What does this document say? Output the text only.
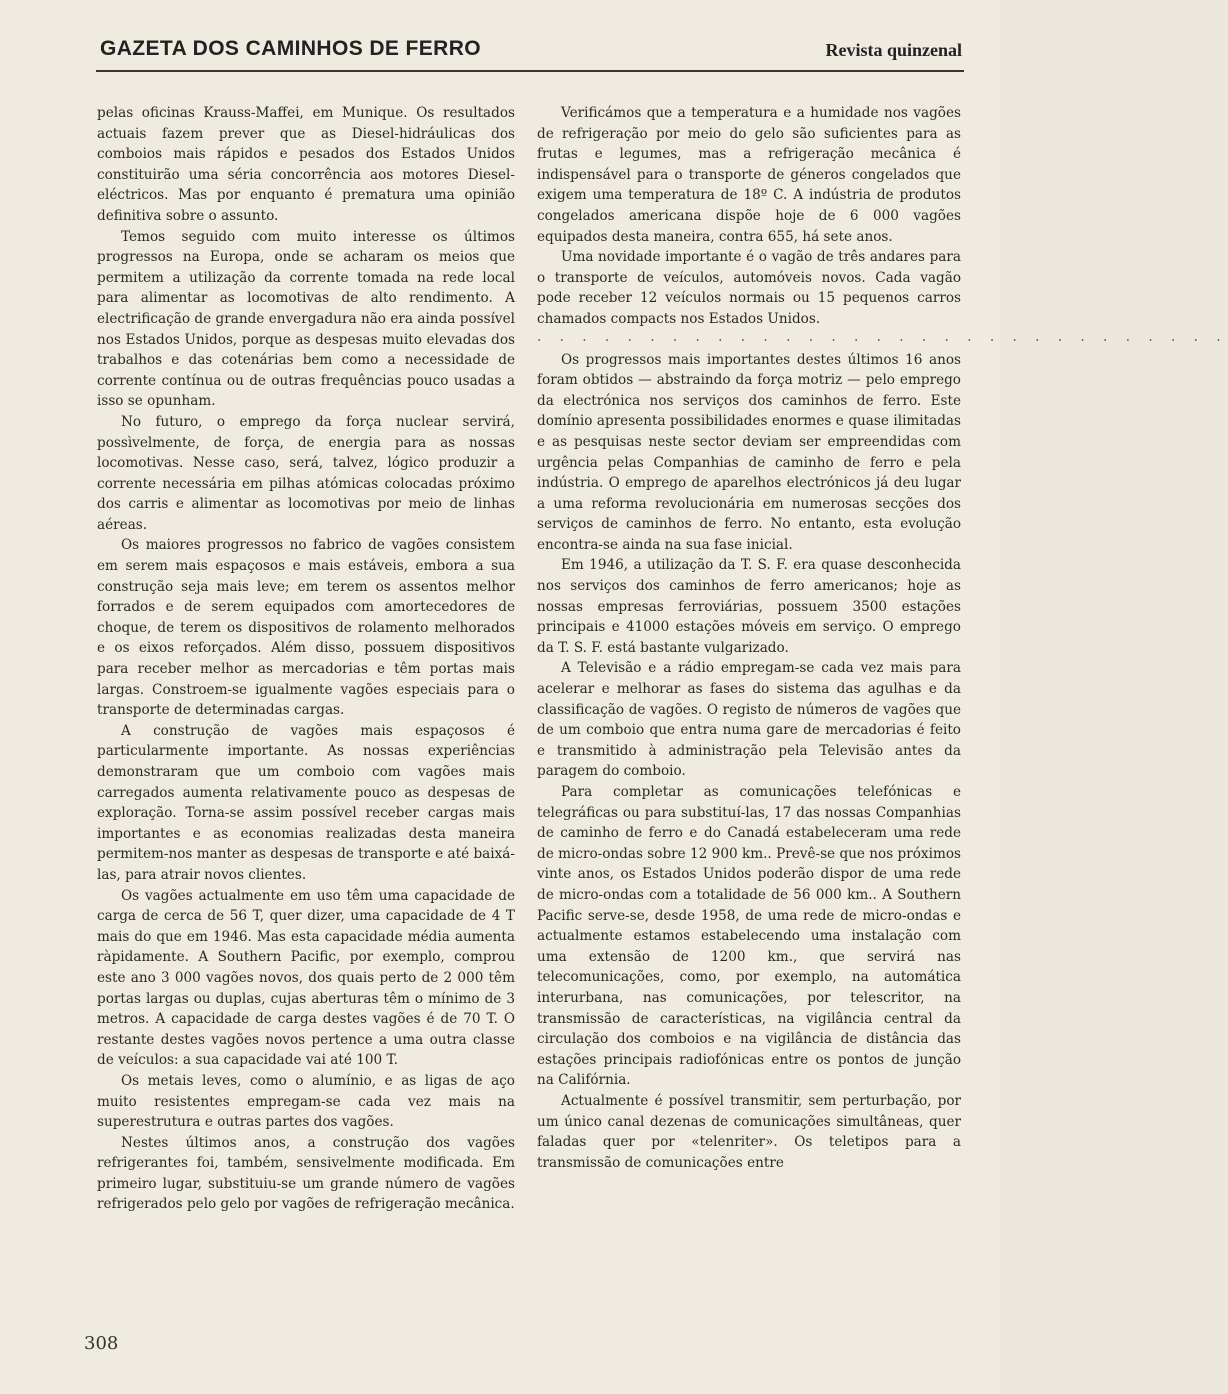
GAZETA DOS CAMINHOS DE FERRO	Revista quinzenal

pelas oficinas Krauss-Maffei, em Munique. Os resultados actuais fazem prever que as Diesel-hidráulicas dos comboios mais rápidos e pesados dos Estados Unidos constituirão uma séria concorrência aos motores Diesel-eléctricos. Mas por enquanto é prematura uma opinião definitiva sobre o assunto.

Temos seguido com muito interesse os últimos progressos na Europa, onde se acharam os meios que permitem a utilização da corrente tomada na rede local para alimentar as locomotivas de alto rendimento. A electrificação de grande envergadura não era ainda possível nos Estados Unidos, porque as despesas muito elevadas dos trabalhos e das cotenárias bem como a necessidade de corrente contínua ou de outras frequências pouco usadas a isso se opunham.

No futuro, o emprego da força nuclear servirá, possìvelmente, de força, de energia para as nossas locomotivas. Nesse caso, será, talvez, lógico produzir a corrente necessária em pilhas atómicas colocadas próximo dos carris e alimentar as locomotivas por meio de linhas aéreas.

Os maiores progressos no fabrico de vagões consistem em serem mais espaçosos e mais estáveis, embora a sua construção seja mais leve; em terem os assentos melhor forrados e de serem equipados com amortecedores de choque, de terem os dispositivos de rolamento melhorados e os eixos reforçados. Além disso, possuem dispositivos para receber melhor as mercadorias e têm portas mais largas. Constroem-se igualmente vagões especiais para o transporte de determinadas cargas.

A construção de vagões mais espaçosos é particularmente importante. As nossas experiências demonstraram que um comboio com vagões mais carregados aumenta relativamente pouco as despesas de exploração. Torna-se assim possível receber cargas mais importantes e as economias realizadas desta maneira permitem-nos manter as despesas de transporte e até baixá-las, para atrair novos clientes.

Os vagões actualmente em uso têm uma capacidade de carga de cerca de 56 T, quer dizer, uma capacidade de 4 T mais do que em 1946. Mas esta capacidade média aumenta ràpidamente. A Southern Pacific, por exemplo, comprou este ano 3 000 vagões novos, dos quais perto de 2 000 têm portas largas ou duplas, cujas aberturas têm o mínimo de 3 metros. A capacidade de carga destes vagões é de 70 T. O restante destes vagões novos pertence a uma outra classe de veículos: a sua capacidade vai até 100 T.

Os metais leves, como o alumínio, e as ligas de aço muito resistentes empregam-se cada vez mais na superestrutura e outras partes dos vagões.

Nestes últimos anos, a construção dos vagões refrigerantes foi, também, sensivelmente modificada. Em primeiro lugar, substituiu-se um grande número de vagões refrigerados pelo gelo por vagões de refrigeração mecânica.

Verificámos que a temperatura e a humidade nos vagões de refrigeração por meio do gelo são suficientes para as frutas e legumes, mas a refrigeração mecânica é indispensável para o transporte de géneros congelados que exigem uma temperatura de 18º C. A indústria de produtos congelados americana dispõe hoje de 6 000 vagões equipados desta maneira, contra 655, há sete anos.

Uma novidade importante é o vagão de três andares para o transporte de veículos, automóveis novos. Cada vagão pode receber 12 veículos normais ou 15 pequenos carros chamados compacts nos Estados Unidos.

. . . . . . . . . . . . . . . . . . . . . . . . . . . . . . .

Os progressos mais importantes destes últimos 16 anos foram obtidos — abstraindo da força motriz — pelo emprego da electrónica nos serviços dos caminhos de ferro. Este domínio apresenta possibilidades enormes e quase ilimitadas e as pesquisas neste sector deviam ser empreendidas com urgência pelas Companhias de caminho de ferro e pela indústria. O emprego de aparelhos electrónicos já deu lugar a uma reforma revolucionária em numerosas secções dos serviços de caminhos de ferro. No entanto, esta evolução encontra-se ainda na sua fase inicial.

Em 1946, a utilização da T. S. F. era quase desconhecida nos serviços dos caminhos de ferro americanos; hoje as nossas empresas ferroviárias, possuem 3500 estações principais e 41000 estações móveis em serviço. O emprego da T. S. F. está bastante vulgarizado.

A Televisão e a rádio empregam-se cada vez mais para acelerar e melhorar as fases do sistema das agulhas e da classificação de vagões. O registo de números de vagões que de um comboio que entra numa gare de mercadorias é feito e transmitido à administração pela Televisão antes da paragem do comboio.

Para completar as comunicações telefónicas e telegráficas ou para substituí-las, 17 das nossas Companhias de caminho de ferro e do Canadá estabeleceram uma rede de micro-ondas sobre 12 900 km.. Prevê-se que nos próximos vinte anos, os Estados Unidos poderão dispor de uma rede de micro-ondas com a totalidade de 56 000 km.. A Southern Pacific serve-se, desde 1958, de uma rede de micro-ondas e actualmente estamos estabelecendo uma instalação com uma extensão de 1200 km., que servirá nas telecomunicações, como, por exemplo, na automática interurbana, nas comunicações, por telescritor, na transmissão de características, na vigilância central da circulação dos comboios e na vigilância de distância das estações principais radiofónicas entre os pontos de junção na Califórnia.

Actualmente é possível transmitir, sem perturbação, por um único canal dezenas de comunicações simultâneas, quer faladas quer por «telenriter». Os teletipos para a transmissão de comunicações entre

308
